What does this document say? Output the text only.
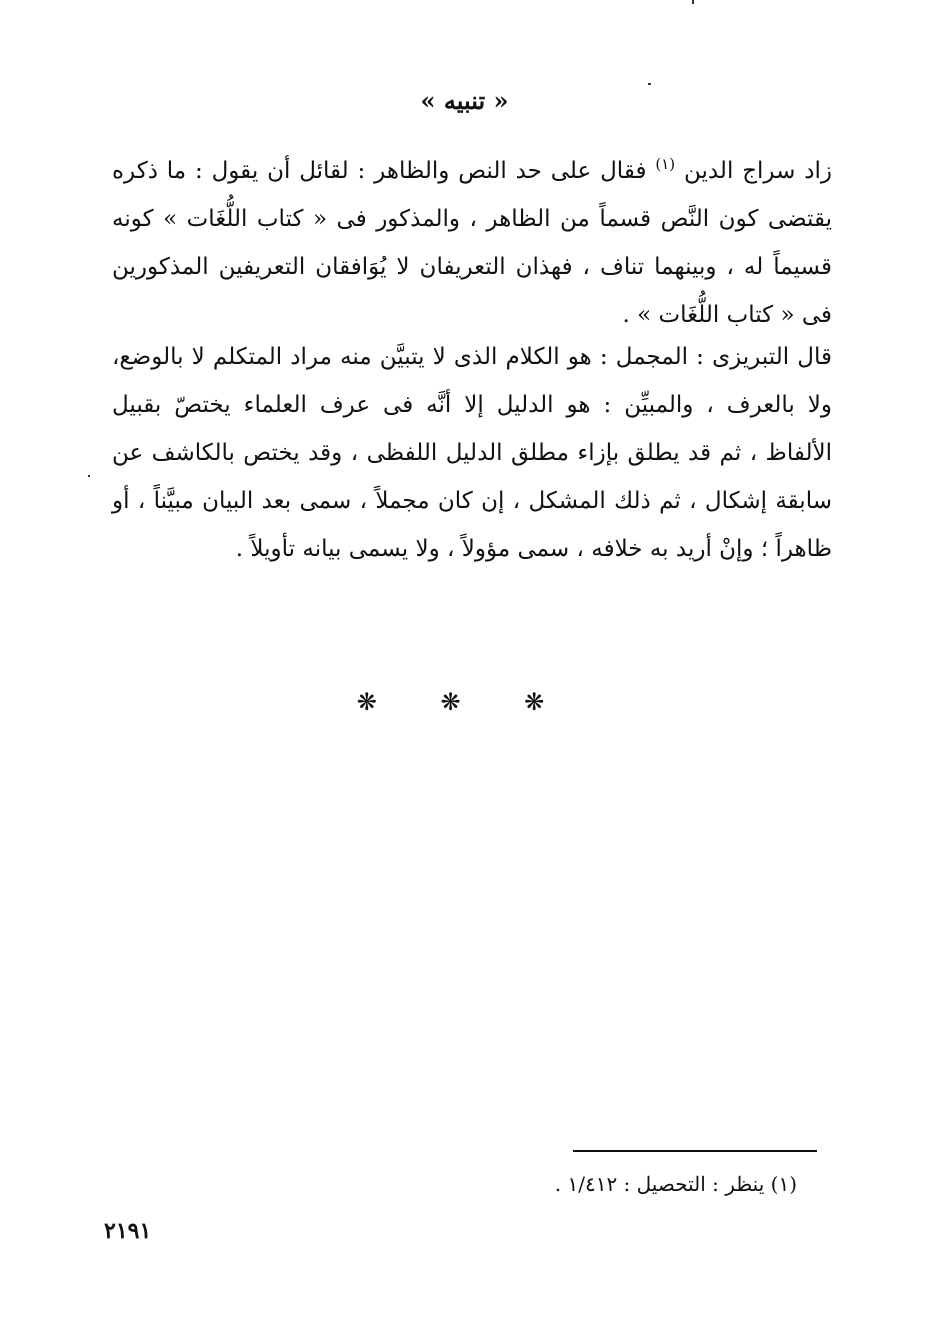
« تنبيه »
زاد سراج الدين $^{(١)}$ فقال على حد النص والظاهر : لقائل أن يقول : ما ذكره يقتضى كون النَّص قسماً من الظاهر ، والمذكور فى « كتاب اللُّغَات » كونه قسيماً له ، وبينهما تناف ، فهذان التعريفان لا يُوَافقان التعريفين المذكورين فى « كتاب اللُّغَات » .
قال التبريزى : المجمل : هو الكلام الذى لا يتبيَّن منه مراد المتكلم لا بالوضع، ولا بالعرف ، والمبيِّن : هو الدليل إلا أنَّه فى عرف العلماء يختصّ بقبيل الألفاظ ، ثم قد يطلق بإزاء مطلق الدليل اللفظى ، وقد يختص بالكاشف عن سابقة إشكال ، ثم ذلك المشكل ، إن كان مجملاً ، سمى بعد البيان مبيَّناً ، أو ظاهراً ؛ وإنْ أريد به خلافه ، سمى مؤولاً ، ولا يسمى بيانه تأويلاً .
❋ ❋ ❋
(١) ينظر : التحصيل : ١/٤١٢ .
٢١٩١
